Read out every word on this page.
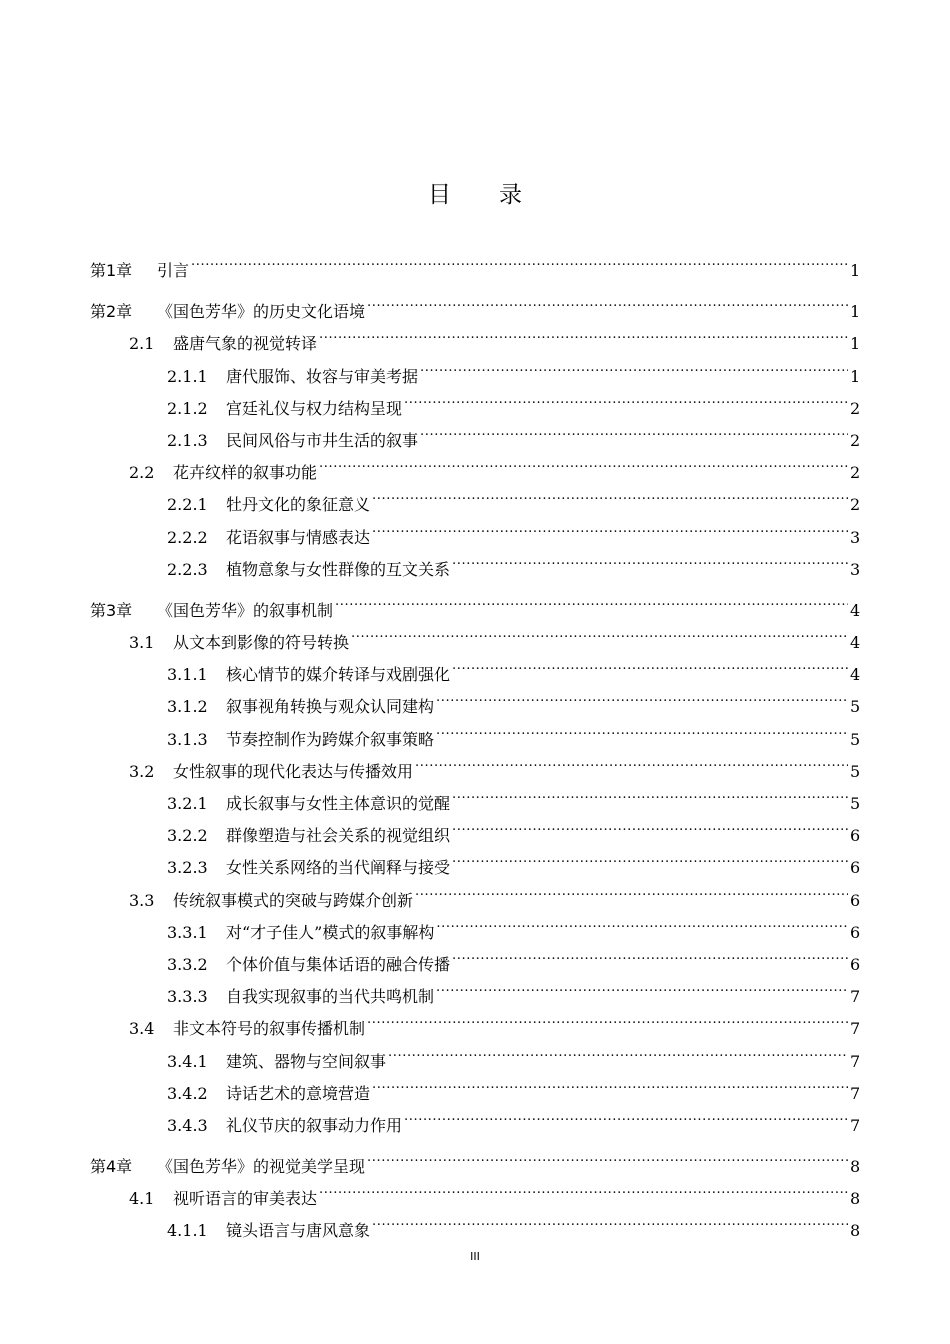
目 录
第1章	引言 .....	1
第2章	《国色芳华》的历史文化语境 .....	1
2.1	盛唐气象的视觉转译 .....	1
2.1.1	唐代服饰、妆容与审美考据 .....	1
2.1.2	宫廷礼仪与权力结构呈现 .....	2
2.1.3	民间风俗与市井生活的叙事 .....	2
2.2	花卉纹样的叙事功能 .....	2
2.2.1	牡丹文化的象征意义 .....	2
2.2.2	花语叙事与情感表达 .....	3
2.2.3	植物意象与女性群像的互文关系 .....	3
第3章	《国色芳华》的叙事机制 .....	4
3.1	从文本到影像的符号转换 .....	4
3.1.1	核心情节的媒介转译与戏剧强化 .....	4
3.1.2	叙事视角转换与观众认同建构 .....	5
3.1.3	节奏控制作为跨媒介叙事策略 .....	5
3.2	女性叙事的现代化表达与传播效用 .....	5
3.2.1	成长叙事与女性主体意识的觉醒 .....	5
3.2.2	群像塑造与社会关系的视觉组织 .....	6
3.2.3	女性关系网络的当代阐释与接受 .....	6
3.3	传统叙事模式的突破与跨媒介创新 .....	6
3.3.1	对“才子佳人”模式的叙事解构 .....	6
3.3.2	个体价值与集体话语的融合传播 .....	6
3.3.3	自我实现叙事的当代共鸣机制 .....	7
3.4	非文本符号的叙事传播机制 .....	7
3.4.1	建筑、器物与空间叙事 .....	7
3.4.2	诗话艺术的意境营造 .....	7
3.4.3	礼仪节庆的叙事动力作用 .....	7
第4章	《国色芳华》的视觉美学呈现 .....	8
4.1	视听语言的审美表达 .....	8
4.1.1	镜头语言与唐风意象 .....	8
III
